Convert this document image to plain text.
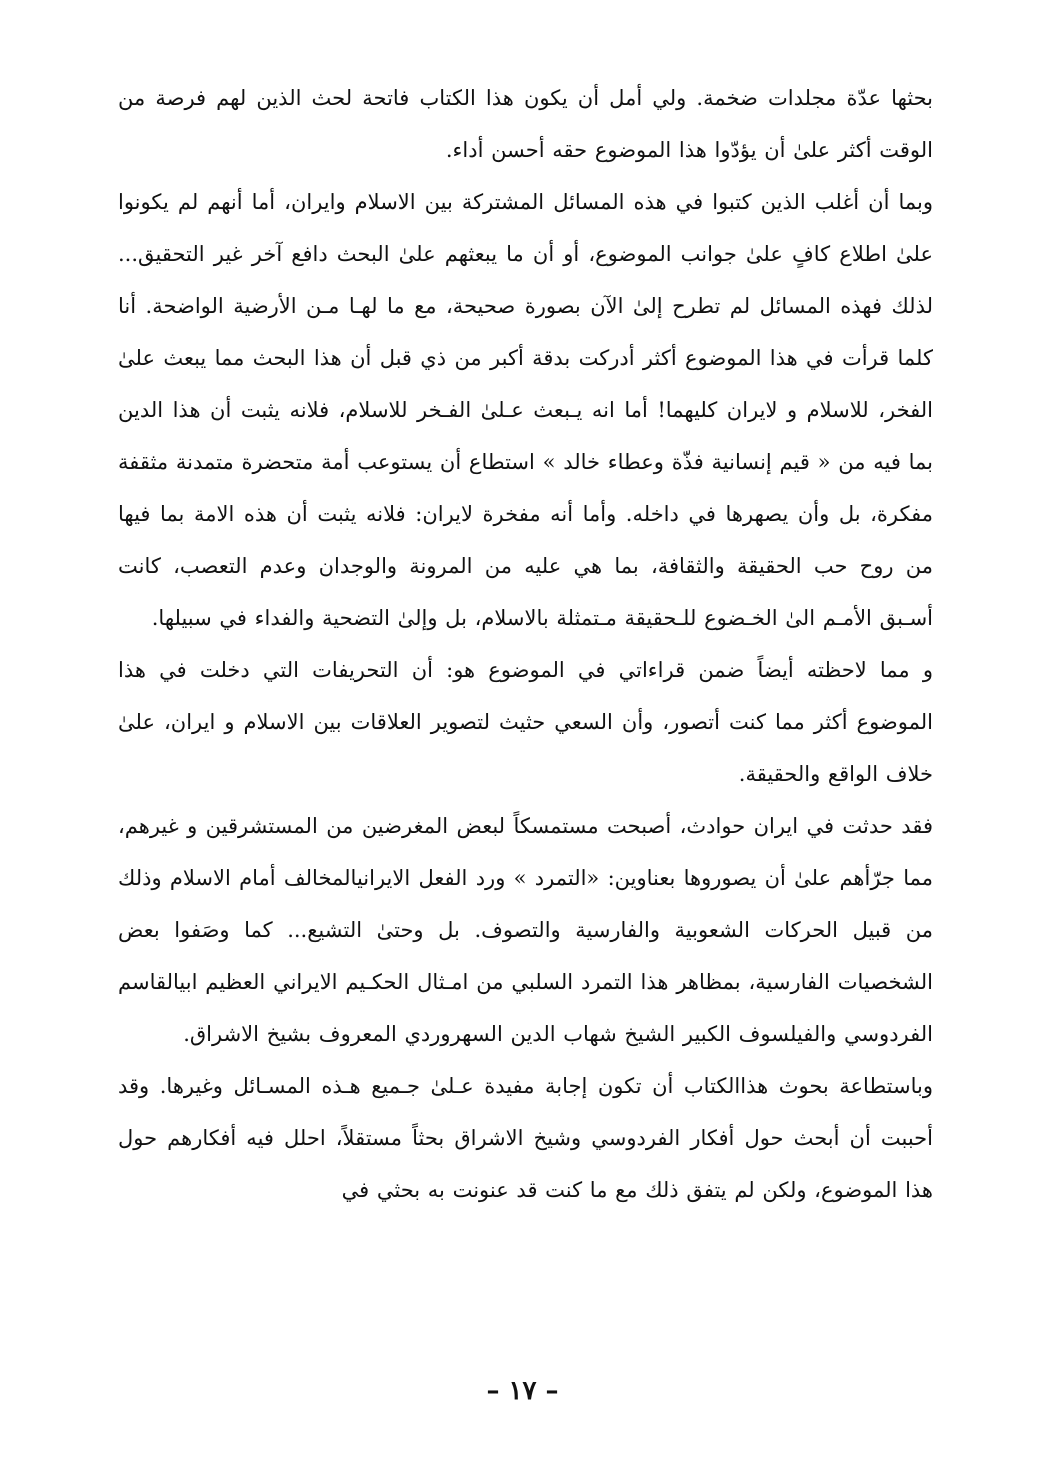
بحثها عدّة مجلدات ضخمة. ولي أمل أن يكون هذا الكتاب فاتحة لحث الذين لهم فرصة من الوقت أكثر علىٰ أن يؤدّوا هذا الموضوع حقه أحسن أداء.

وبما أن أغلب الذين كتبوا في هذه المسائل المشتركة بين الاسلام وايران، أما أنهم لم يكونوا علىٰ اطلاع كافٍ علىٰ جوانب الموضوع، أو أن ما يبعثهم علىٰ البحث دافع آخر غير التحقيق... لذلك فهذه المسائل لم تطرح إلىٰ الآن بصورة صحيحة، مع ما لهـا مـن الأرضية الواضحة. أنا كلما قرأت في هذا الموضوع أكثر أدركت بدقة أكبر من ذي قبل أن هذا البحث مما يبعث علىٰ الفخر، للاسلام و لايران كليهما! أما انه يـبعث عـلىٰ الفـخر للاسلام، فلانه يثبت أن هذا الدين بما فيه من « قيم إنسانية فذّة وعطاء خالد » استطاع أن يستوعب أمة متحضرة متمدنة مثقفة مفكرة، بل وأن يصهرها في داخله. وأما أنه مفخرة لايران: فلانه يثبت أن هذه الامة بما فيها من روح حب الحقيقة والثقافة، بما هي عليه من المرونة والوجدان وعدم التعصب، كانت أسـبق الأمـم الىٰ الخـضوع للـحقيقة مـتمثلة بالاسلام، بل وإلىٰ التضحية والفداء في سبيلها.

و مما لاحظته أيضاً ضمن قراءاتي في الموضوع هو: أن التحريفات التي دخلت في هذا الموضوع أكثر مما كنت أتصور، وأن السعي حثيث لتصوير العلاقات بين الاسلام و ايران، علىٰ خلاف الواقع والحقيقة.

فقد حدثت في ايران حوادث، أصبحت مستمسكاً لبعض المغرضين من المستشرقين و غيرهم، مما جرّأهم علىٰ أن يصوروها بعناوين: «التمرد » ورد الفعل الايرانيالمخالف أمام الاسلام وذلك من قبيل الحركات الشعوبية والفارسية والتصوف. بل وحتىٰ التشيع... كما وصَفوا بعض الشخصيات الفارسية، بمظاهر هذا التمرد السلبي من امـثال الحكـيم الايراني العظيم ابيالقاسم الفردوسي والفيلسوف الكبير الشيخ شهاب الدين السهروردي المعروف بشيخ الاشراق.

وباستطاعة بحوث هذاالكتاب أن تكون إجابة مفيدة عـلىٰ جـميع هـذه المسـائل وغيرها. وقد أحببت أن أبحث حول أفكار الفردوسي وشيخ الاشراق بحثاً مستقلاً، احلل فيه أفكارهم حول هذا الموضوع، ولكن لم يتفق ذلك مع ما كنت قد عنونت به بحثي في

– ١٧ –
